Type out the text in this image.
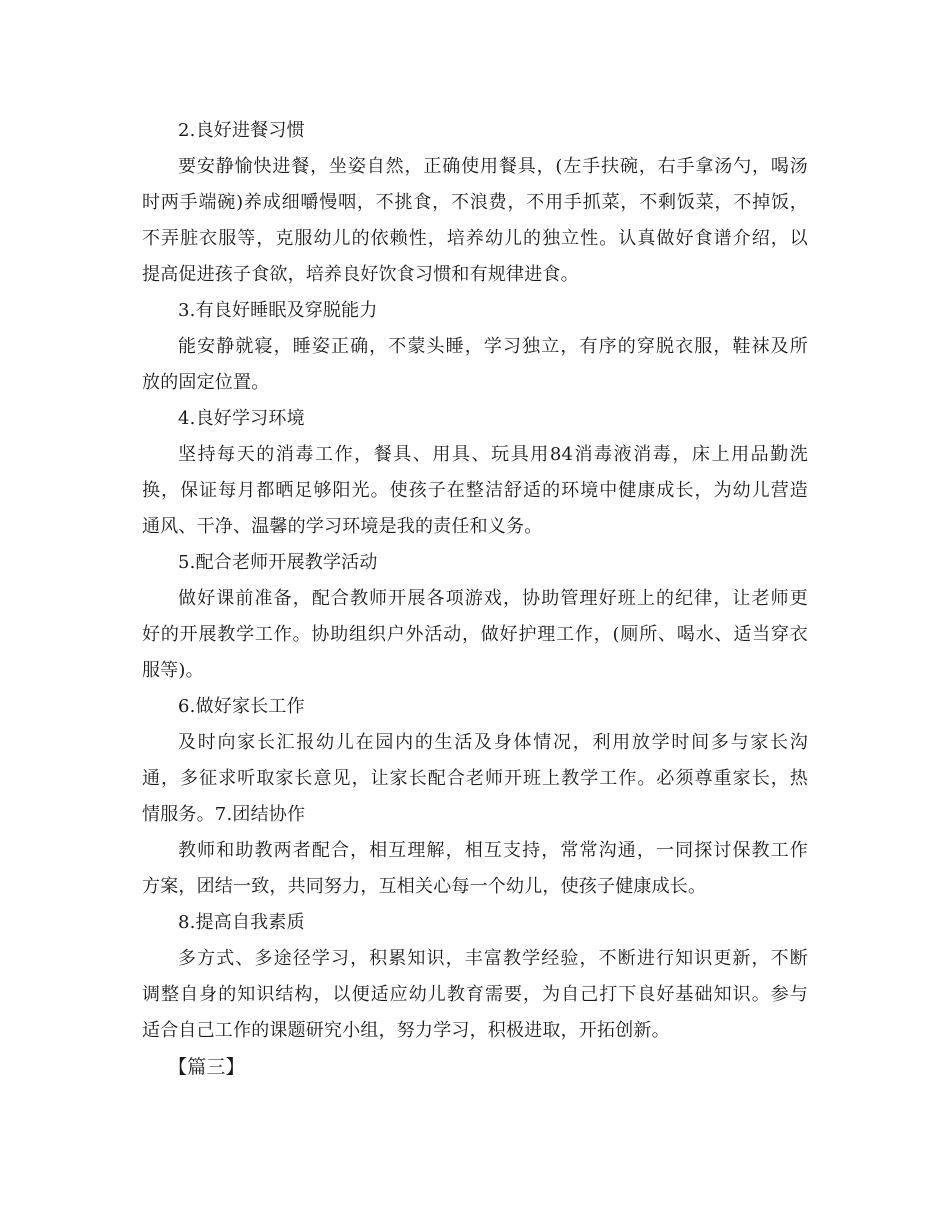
2.良好进餐习惯
要安静愉快进餐，坐姿自然，正确使用餐具，(左手扶碗，右手拿汤勺，喝汤
时两手端碗)养成细嚼慢咽，不挑食，不浪费，不用手抓菜，不剩饭菜，不掉饭，
不弄脏衣服等，克服幼儿的依赖性，培养幼儿的独立性。认真做好食谱介绍，以
提高促进孩子食欲，培养良好饮食习惯和有规律进食。
3.有良好睡眠及穿脱能力
能安静就寝，睡姿正确，不蒙头睡，学习独立，有序的穿脱衣服，鞋袜及所
放的固定位置。
4.良好学习环境
坚持每天的消毒工作，餐具、用具、玩具用84消毒液消毒，床上用品勤洗
换，保证每月都晒足够阳光。使孩子在整洁舒适的环境中健康成长，为幼儿营造
通风、干净、温馨的学习环境是我的责任和义务。
5.配合老师开展教学活动
做好课前准备，配合教师开展各项游戏，协助管理好班上的纪律，让老师更
好的开展教学工作。协助组织户外活动，做好护理工作，(厕所、喝水、适当穿衣
服等)。
6.做好家长工作
及时向家长汇报幼儿在园内的生活及身体情况，利用放学时间多与家长沟
通，多征求听取家长意见，让家长配合老师开班上教学工作。必须尊重家长，热
情服务。7.团结协作
教师和助教两者配合，相互理解，相互支持，常常沟通，一同探讨保教工作
方案，团结一致，共同努力，互相关心每一个幼儿，使孩子健康成长。
8.提高自我素质
多方式、多途径学习，积累知识，丰富教学经验，不断进行知识更新，不断
调整自身的知识结构，以便适应幼儿教育需要，为自己打下良好基础知识。参与
适合自己工作的课题研究小组，努力学习，积极进取，开拓创新。
【篇三】
